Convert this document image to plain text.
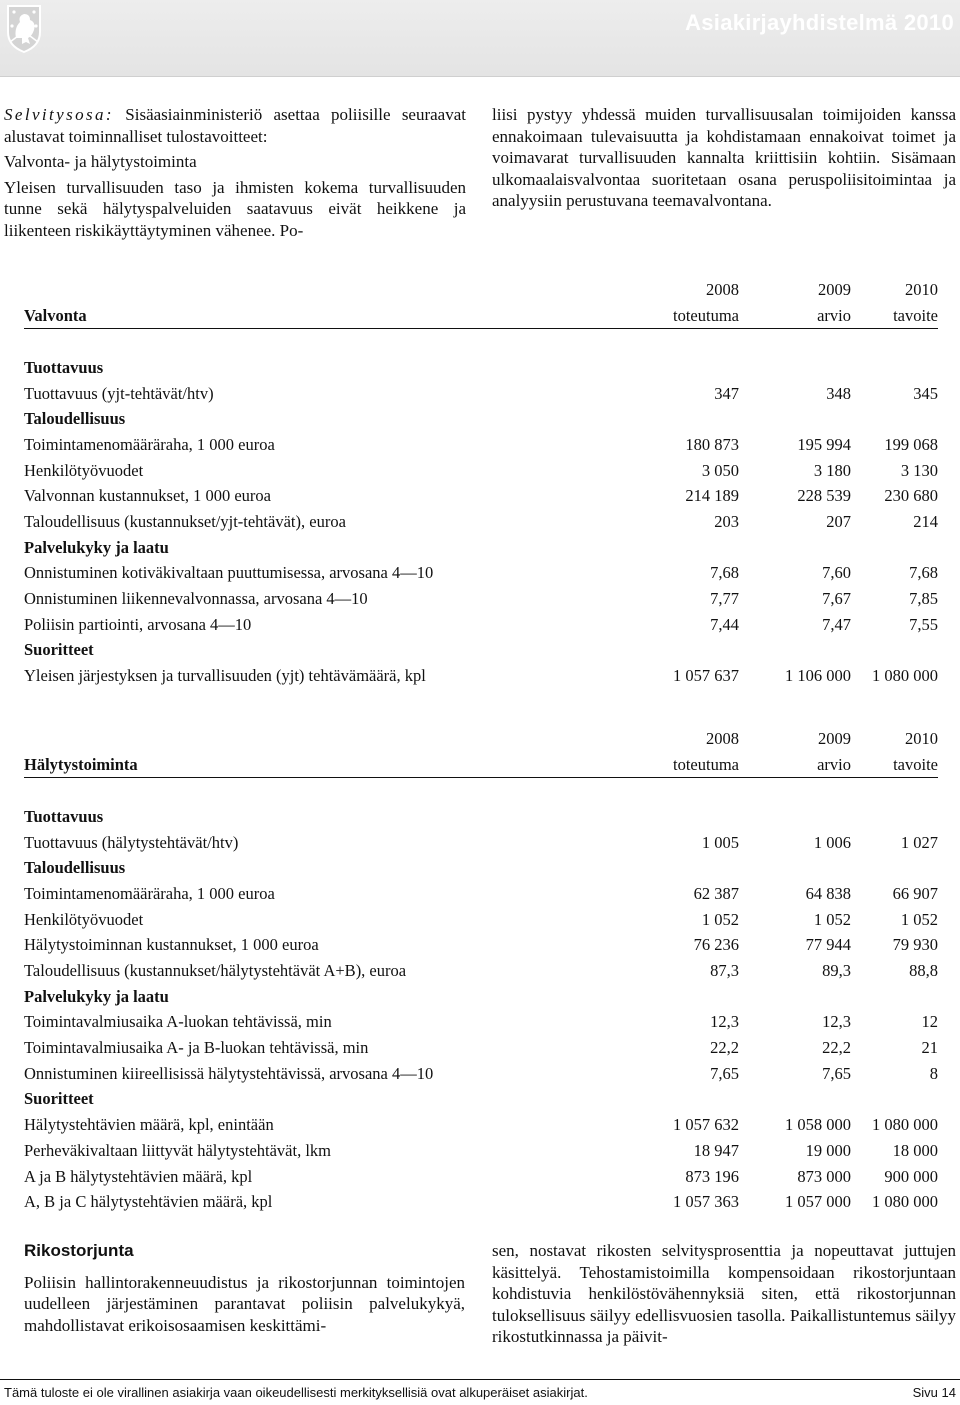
Asiakirjayhdistelmä 2010

Selvitysosa: Sisäasiainministeriö asettaa poliisille seuraavat alustavat toiminnalliset tulostavoitteet:

Valvonta- ja hälytystoiminta

Yleisen turvallisuuden taso ja ihmisten kokema turvallisuuden tunne sekä hälytyspalveluiden saatavuus eivät heikkene ja liikenteen riskikäyttäytyminen vähenee. Po-

liisi pystyy yhdessä muiden turvallisuusalan toimijoiden kanssa ennakoimaan tulevaisuutta ja kohdistamaan ennakoivat toimet ja voimavarat turvallisuuden kannalta kriittisiin kohtiin. Sisämaan ulkomaalaisvalvontaa suoritetaan osana peruspoliisitoimintaa ja analyysiin perustuvana teemavalvontana.

	2008	2009	2010
Valvonta	toteutuma	arvio	tavoite

Tuottavuus			
Tuottavuus (yjt-tehtävät/htv)	347	348	345
Taloudellisuus			
Toimintamenomääräraha, 1 000 euroa	180 873	195 994	199 068
Henkilötyövuodet	3 050	3 180	3 130
Valvonnan kustannukset, 1 000 euroa	214 189	228 539	230 680
Taloudellisuus (kustannukset/yjt-tehtävät), euroa	203	207	214
Palvelukyky ja laatu			
Onnistuminen kotiväkivaltaan puuttumisessa, arvosana 4—10	7,68	7,60	7,68
Onnistuminen liikennevalvonnassa, arvosana 4—10	7,77	7,67	7,85
Poliisin partiointi, arvosana 4—10	7,44	7,47	7,55
Suoritteet			
Yleisen järjestyksen ja turvallisuuden (yjt) tehtävämäärä, kpl	1 057 637	1 106 000	1 080 000
	2008	2009	2010
Hälytystoiminta	toteutuma	arvio	tavoite

Tuottavuus			
Tuottavuus (hälytystehtävät/htv)	1 005	1 006	1 027
Taloudellisuus			
Toimintamenomääräraha, 1 000 euroa	62 387	64 838	66 907
Henkilötyövuodet	1 052	1 052	1 052
Hälytystoiminnan kustannukset, 1 000 euroa	76 236	77 944	79 930
Taloudellisuus (kustannukset/hälytystehtävät A+B), euroa	87,3	89,3	88,8
Palvelukyky ja laatu			
Toimintavalmiusaika A-luokan tehtävissä, min	12,3	12,3	12
Toimintavalmiusaika A- ja B-luokan tehtävissä, min	22,2	22,2	21
Onnistuminen kiireellisissä hälytystehtävissä, arvosana 4—10	7,65	7,65	8
Suoritteet			
Hälytystehtävien määrä, kpl, enintään	1 057 632	1 058 000	1 080 000
Perheväkivaltaan liittyvät hälytystehtävät, lkm	18 947	19 000	18 000
A ja B hälytystehtävien määrä, kpl	873 196	873 000	900 000
A, B ja C hälytystehtävien määrä, kpl	1 057 363	1 057 000	1 080 000

Rikostorjunta

Poliisin hallintorakenneuudistus ja rikostorjunnan toimintojen uudelleen järjestäminen parantavat poliisin palvelukykyä, mahdollistavat erikoisosaamisen keskittämi-

sen, nostavat rikosten selvitysprosenttia ja nopeuttavat juttujen käsittelyä. Tehostamistoimilla kompensoidaan rikostorjuntaan kohdistuvia henkilöstövähennyksiä siten, että rikostorjunnan tuloksellisuus säilyy edellisvuosien tasolla. Paikallistuntemus säilyy rikostutkinnassa ja päivit-

Tämä tuloste ei ole virallinen asiakirja vaan oikeudellisesti merkityksellisiä ovat alkuperäiset asiakirjat.	Sivu 14
